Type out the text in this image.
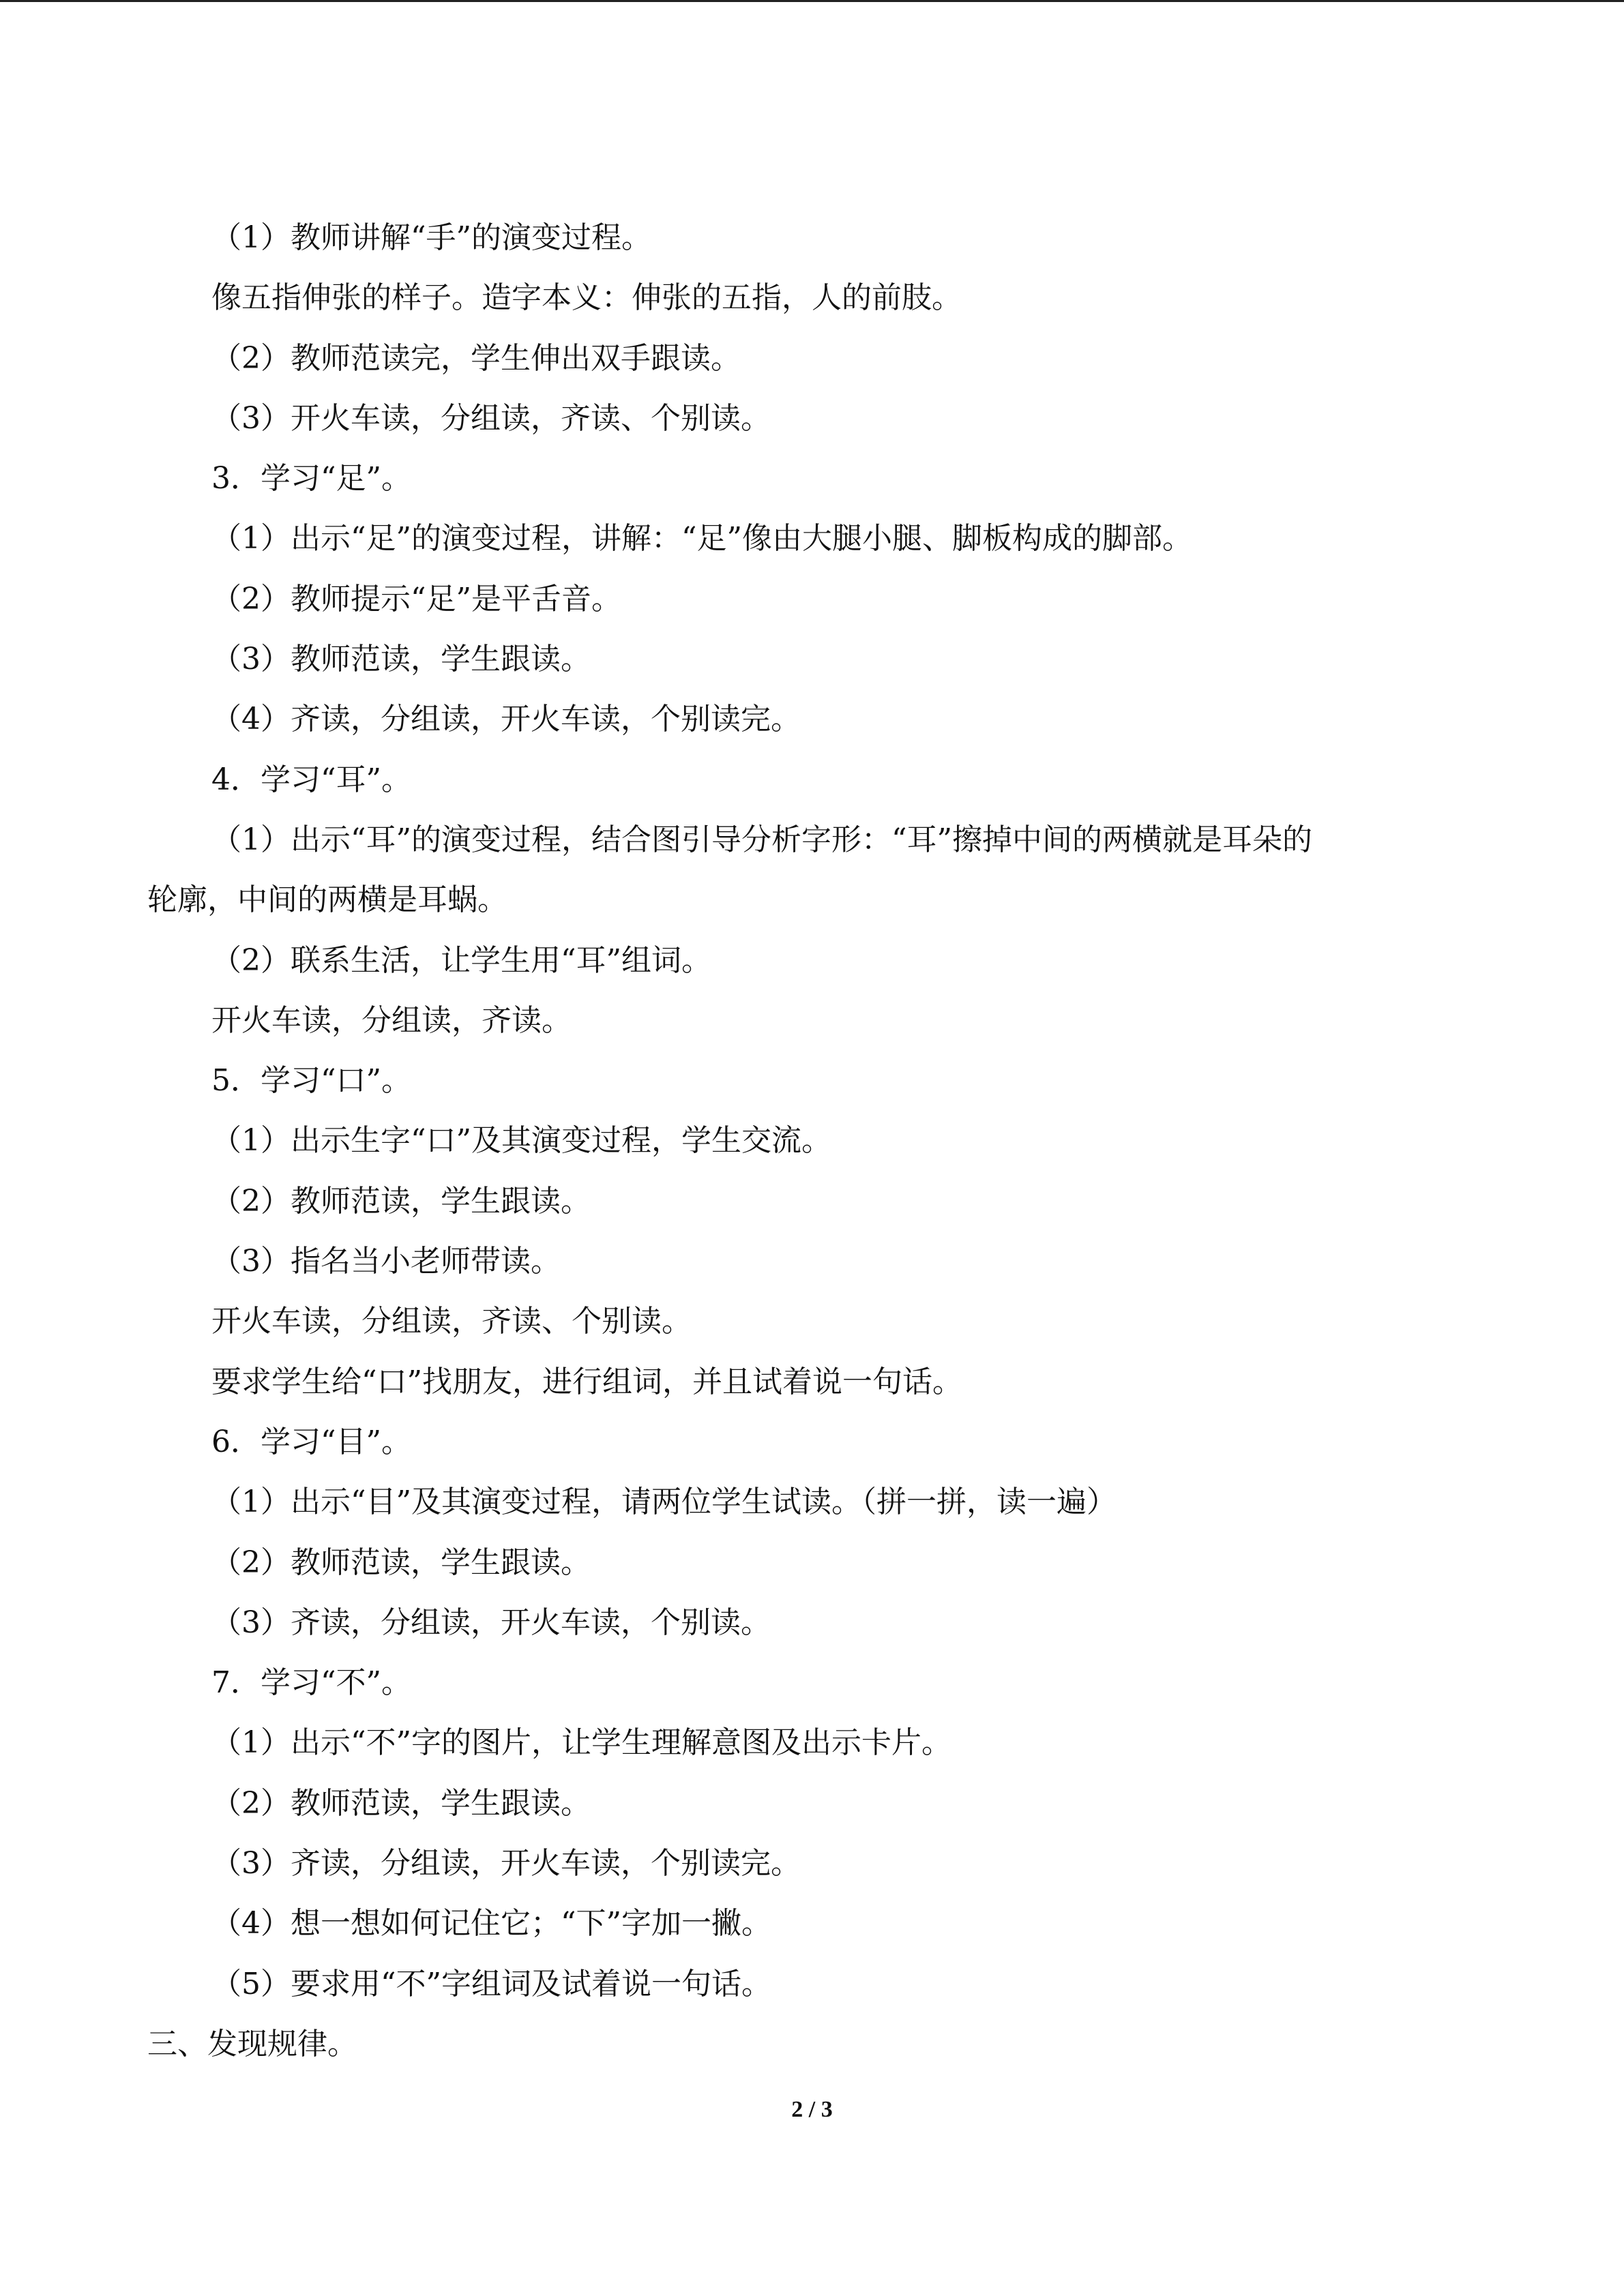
（1）教师讲解“手”的演变过程。
像五指伸张的样子。造字本义：伸张的五指，人的前肢。
（2）教师范读完，学生伸出双手跟读。
（3）开火车读，分组读，齐读、个别读。
3．学习“足”。
（1）出示“足”的演变过程，讲解：“足”像由大腿小腿、脚板构成的脚部。
（2）教师提示“足”是平舌音。
（3）教师范读，学生跟读。
（4）齐读，分组读，开火车读，个别读完。
4．学习“耳”。
（1）出示“耳”的演变过程，结合图引导分析字形：“耳”擦掉中间的两横就是耳朵的
轮廓，中间的两横是耳蜗。
（2）联系生活，让学生用“耳”组词。
开火车读，分组读，齐读。
5．学习“口”。
（1）出示生字“口”及其演变过程，学生交流。
（2）教师范读，学生跟读。
（3）指名当小老师带读。
开火车读，分组读，齐读、个别读。
要求学生给“口”找朋友，进行组词，并且试着说一句话。
6．学习“目”。
（1）出示“目”及其演变过程，请两位学生试读。（拼一拼，读一遍）
（2）教师范读，学生跟读。
（3）齐读，分组读，开火车读，个别读。
7．学习“不”。
（1）出示“不”字的图片，让学生理解意图及出示卡片。
（2）教师范读，学生跟读。
（3）齐读，分组读，开火车读，个别读完。
（4）想一想如何记住它；“下”字加一撇。
（5）要求用“不”字组词及试着说一句话。
三、发现规律。
2 / 3
